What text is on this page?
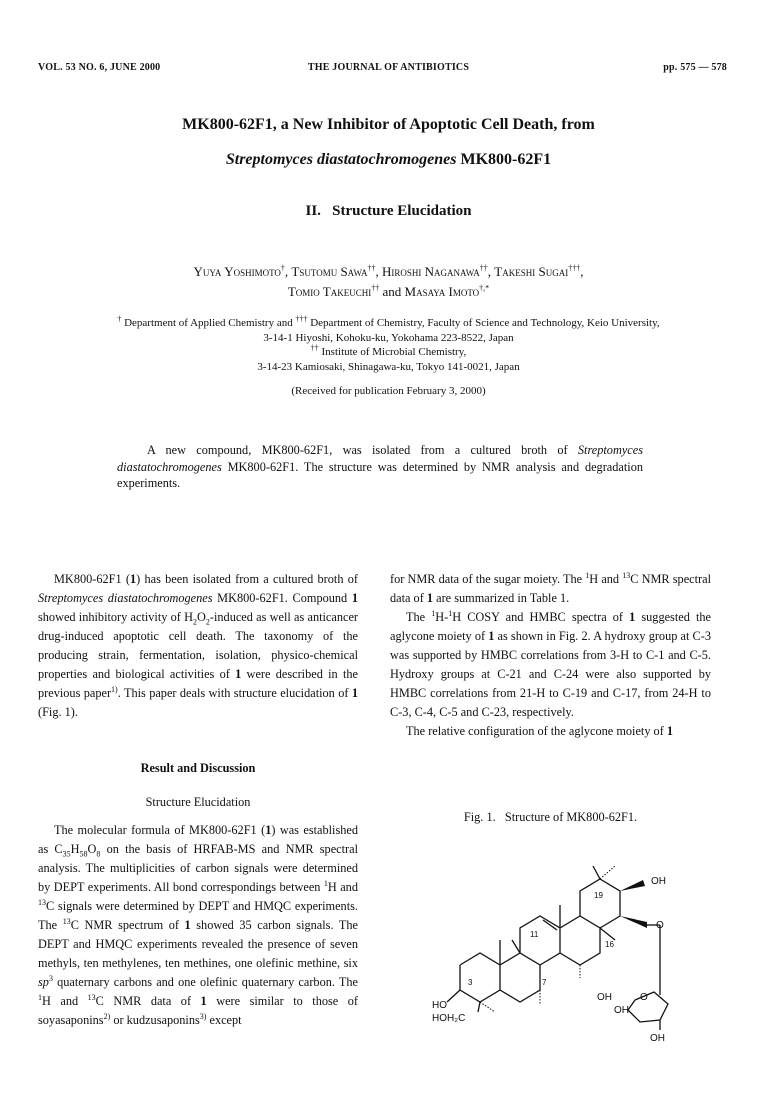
VOL. 53 NO. 6, JUNE 2000	THE JOURNAL OF ANTIBIOTICS	pp. 575 — 578
MK800-62F1, a New Inhibitor of Apoptotic Cell Death, from
Streptomyces diastatochromogenes MK800-62F1
II.   Structure Elucidation
Yuya Yoshimoto†, Tsutomu Sawa††, Hiroshi Naganawa††, Takeshi Sugai†††,
Tomio Takeuchi†† and Masaya Imoto†,*
† Department of Applied Chemistry and ††† Department of Chemistry, Faculty of Science and Technology, Keio University,
3-14-1 Hiyoshi, Kohoku-ku, Yokohama 223-8522, Japan
†† Institute of Microbial Chemistry,
3-14-23 Kamiosaki, Shinagawa-ku, Tokyo 141-0021, Japan
(Received for publication February 3, 2000)
A new compound, MK800-62F1, was isolated from a cultured broth of Streptomyces diastatochromogenes MK800-62F1. The structure was determined by NMR analysis and degradation experiments.

MK800-62F1 (1) has been isolated from a cultured broth of Streptomyces diastatochromogenes MK800-62F1. Compound 1 showed inhibitory activity of $H_2O_2$-induced as well as anticancer drug-induced apoptotic cell death. The taxonomy of the producing strain, fermentation, isolation, physico-chemical properties and biological activities of 1 were described in the previous paper$^{1)}$. This paper deals with structure elucidation of 1 (Fig. 1).

Result and Discussion
Structure Elucidation

The molecular formula of MK800-62F1 (1) was established as $C_{35}H_{58}O_8$ on the basis of HRFAB-MS and NMR spectral analysis. The multiplicities of carbon signals were determined by DEPT experiments. All bond correspondings between $^1$H and $^{13}$C signals were determined by DEPT and HMQC experiments. The $^{13}$C NMR spectrum of 1 showed 35 carbon signals. The DEPT and HMQC experiments revealed the presence of seven methyls, ten methylenes, ten methines, one olefinic methine, six $sp^3$ quaternary carbons and one olefinic quaternary carbon. The $^1$H and $^{13}$C NMR data of 1 were similar to those of soyasaponins$^{2)}$ or kudzusaponins$^{3)}$ except

for NMR data of the sugar moiety. The $^1$H and $^{13}$C NMR spectral data of 1 are summarized in Table 1.

The $^1$H-$^1$H COSY and HMBC spectra of 1 suggested the aglycone moiety of 1 as shown in Fig. 2. A hydroxy group at C-3 was supported by HMBC correlations from 3-H to C-1 and C-5. Hydroxy groups at C-21 and C-24 were also supported by HMBC correlations from 21-H to C-19 and C-17, from 24-H to C-3, C-4, C-5 and C-23, respectively.

The relative configuration of the aglycone moiety of 1

Fig. 1.   Structure of MK800-62F1.
OH
19
11
16
3	7
HO
HOH₂C
O
O
OH
OH
OH
